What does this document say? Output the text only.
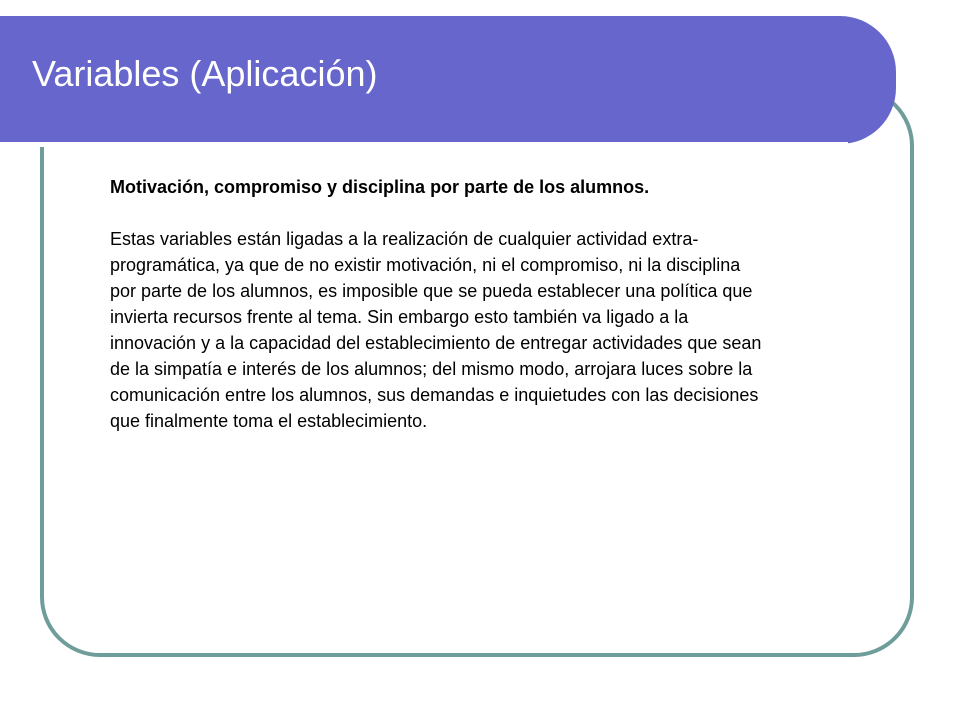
Variables (Aplicación)

Motivación, compromiso y disciplina por parte de los alumnos.

Estas variables están ligadas a la realización de cualquier actividad extra-
programática, ya que de no existir motivación, ni el compromiso, ni la disciplina
por parte de los alumnos, es imposible que se pueda establecer una política que
invierta recursos frente al tema. Sin embargo esto también va ligado a la
innovación y a la capacidad del establecimiento de entregar actividades que sean
de la simpatía e interés de los alumnos; del mismo modo, arrojara luces sobre la
comunicación entre los alumnos, sus demandas e inquietudes con las decisiones
que finalmente toma el establecimiento.
